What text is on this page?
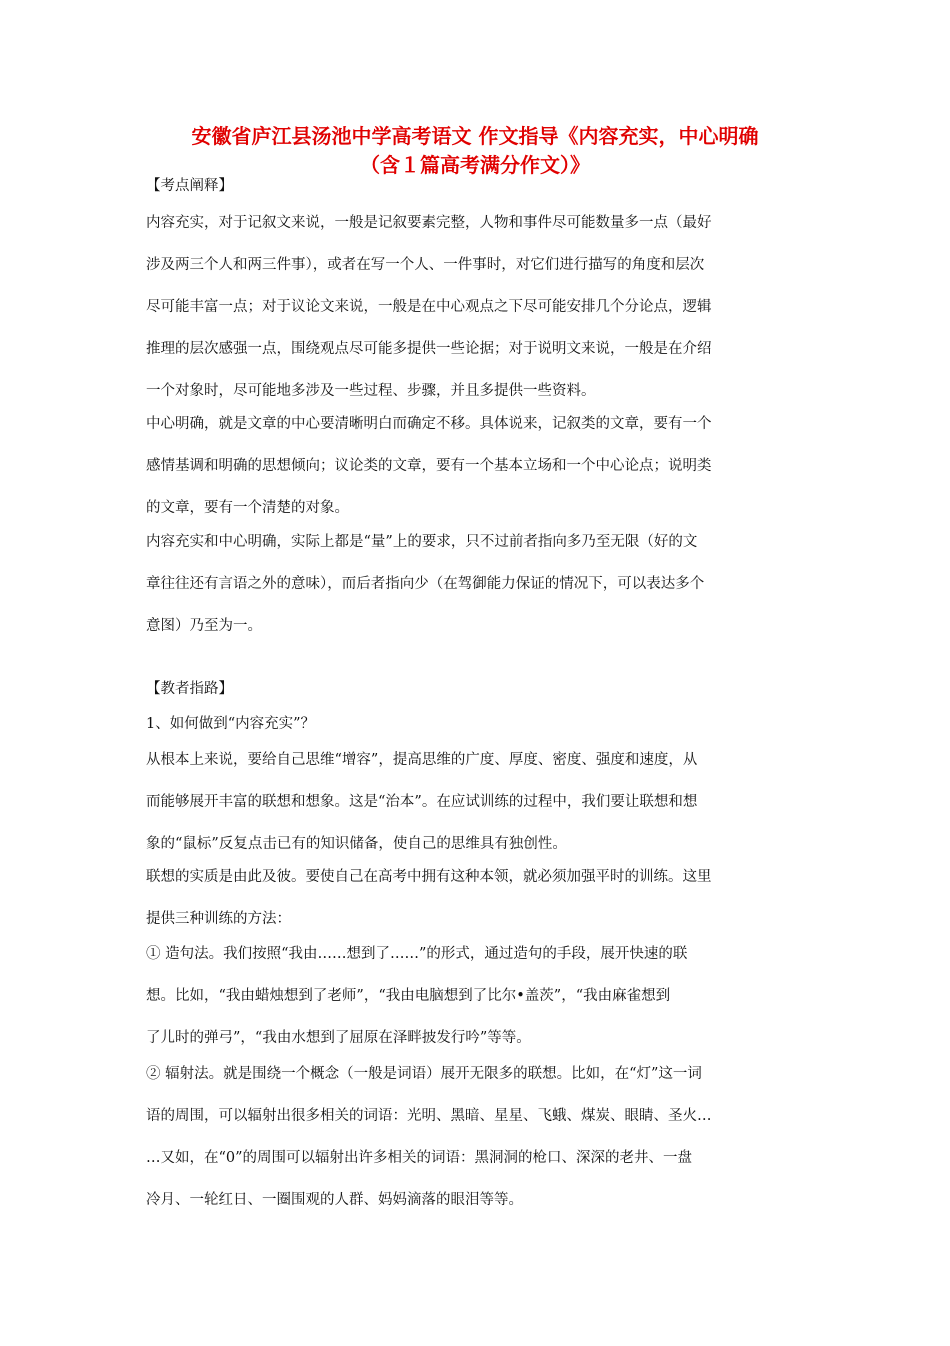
安徽省庐江县汤池中学高考语文 作文指导《内容充实，中心明确
（含１篇高考满分作文）》
【考点阐释】
内容充实，对于记叙文来说，一般是记叙要素完整，人物和事件尽可能数量多一点（最好
涉及两三个人和两三件事），或者在写一个人、一件事时，对它们进行描写的角度和层次
尽可能丰富一点；对于议论文来说，一般是在中心观点之下尽可能安排几个分论点，逻辑
推理的层次感强一点，围绕观点尽可能多提供一些论据；对于说明文来说，一般是在介绍
一个对象时，尽可能地多涉及一些过程、步骤，并且多提供一些资料。
中心明确，就是文章的中心要清晰明白而确定不移。具体说来，记叙类的文章，要有一个
感情基调和明确的思想倾向；议论类的文章，要有一个基本立场和一个中心论点；说明类
的文章，要有一个清楚的对象。
内容充实和中心明确，实际上都是“量”上的要求，只不过前者指向多乃至无限（好的文
章往往还有言语之外的意味），而后者指向少（在驾御能力保证的情况下，可以表达多个
意图）乃至为一。
【教者指路】
1、如何做到“内容充实”？
从根本上来说，要给自己思维“增容”，提高思维的广度、厚度、密度、强度和速度，从
而能够展开丰富的联想和想象。这是“治本”。在应试训练的过程中，我们要让联想和想
象的“鼠标”反复点击已有的知识储备，使自己的思维具有独创性。
联想的实质是由此及彼。要使自己在高考中拥有这种本领，就必须加强平时的训练。这里
提供三种训练的方法：
① 造句法。我们按照“我由……想到了……”的形式，通过造句的手段，展开快速的联
想。比如，“我由蜡烛想到了老师”，“我由电脑想到了比尔•盖茨”，“我由麻雀想到
了儿时的弹弓”，“我由水想到了屈原在泽畔披发行吟”等等。
② 辐射法。就是围绕一个概念（一般是词语）展开无限多的联想。比如，在“灯”这一词
语的周围，可以辐射出很多相关的词语：光明、黑暗、星星、飞蛾、煤炭、眼睛、圣火…
…又如，在“0”的周围可以辐射出许多相关的词语：黑洞洞的枪口、深深的老井、一盘
冷月、一轮红日、一圈围观的人群、妈妈滴落的眼泪等等。
